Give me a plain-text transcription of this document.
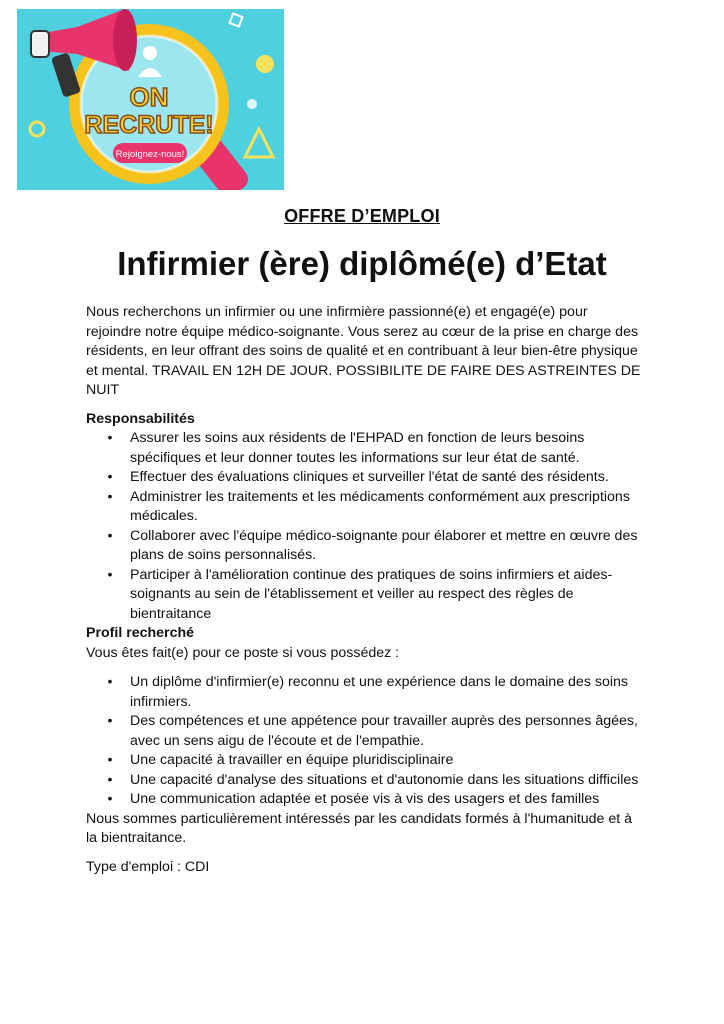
ON
RECRUTE!
Rejoignez-nous!
OFFRE D’EMPLOI
Infirmier (ère) diplômé(e) d’Etat

Nous recherchons un infirmier ou une infirmière passionné(e) et engagé(e) pour rejoindre notre équipe médico-soignante. Vous serez au cœur de la prise en charge des résidents, en leur offrant des soins de qualité et en contribuant à leur bien-être physique et mental. TRAVAIL EN 12H DE JOUR. POSSIBILITE DE FAIRE DES ASTREINTES DE NUIT

Responsabilités

• Assurer les soins aux résidents de l'EHPAD en fonction de leurs besoins spécifiques et leur donner toutes les informations sur leur état de santé.
• Effectuer des évaluations cliniques et surveiller l'état de santé des résidents.
• Administrer les traitements et les médicaments conformément aux prescriptions médicales.
• Collaborer avec l'équipe médico-soignante pour élaborer et mettre en œuvre des plans de soins personnalisés.
• Participer à l'amélioration continue des pratiques de soins infirmiers et aides-soignants au sein de l'établissement et veiller au respect des règles de bientraitance

Profil recherché

Vous êtes fait(e) pour ce poste si vous possédez :

• Un diplôme d'infirmier(e) reconnu et une expérience dans le domaine des soins infirmiers.
• Des compétences et une appétence pour travailler auprès des personnes âgées, avec un sens aigu de l'écoute et de l'empathie.
• Une capacité à travailler en équipe pluridisciplinaire
• Une capacité d'analyse des situations et d'autonomie dans les situations difficiles
• Une communication adaptée et posée vis à vis des usagers et des familles

Nous sommes particulièrement intéressés par les candidats formés à l'humanitude et à la bientraitance.

Type d'emploi : CDI
